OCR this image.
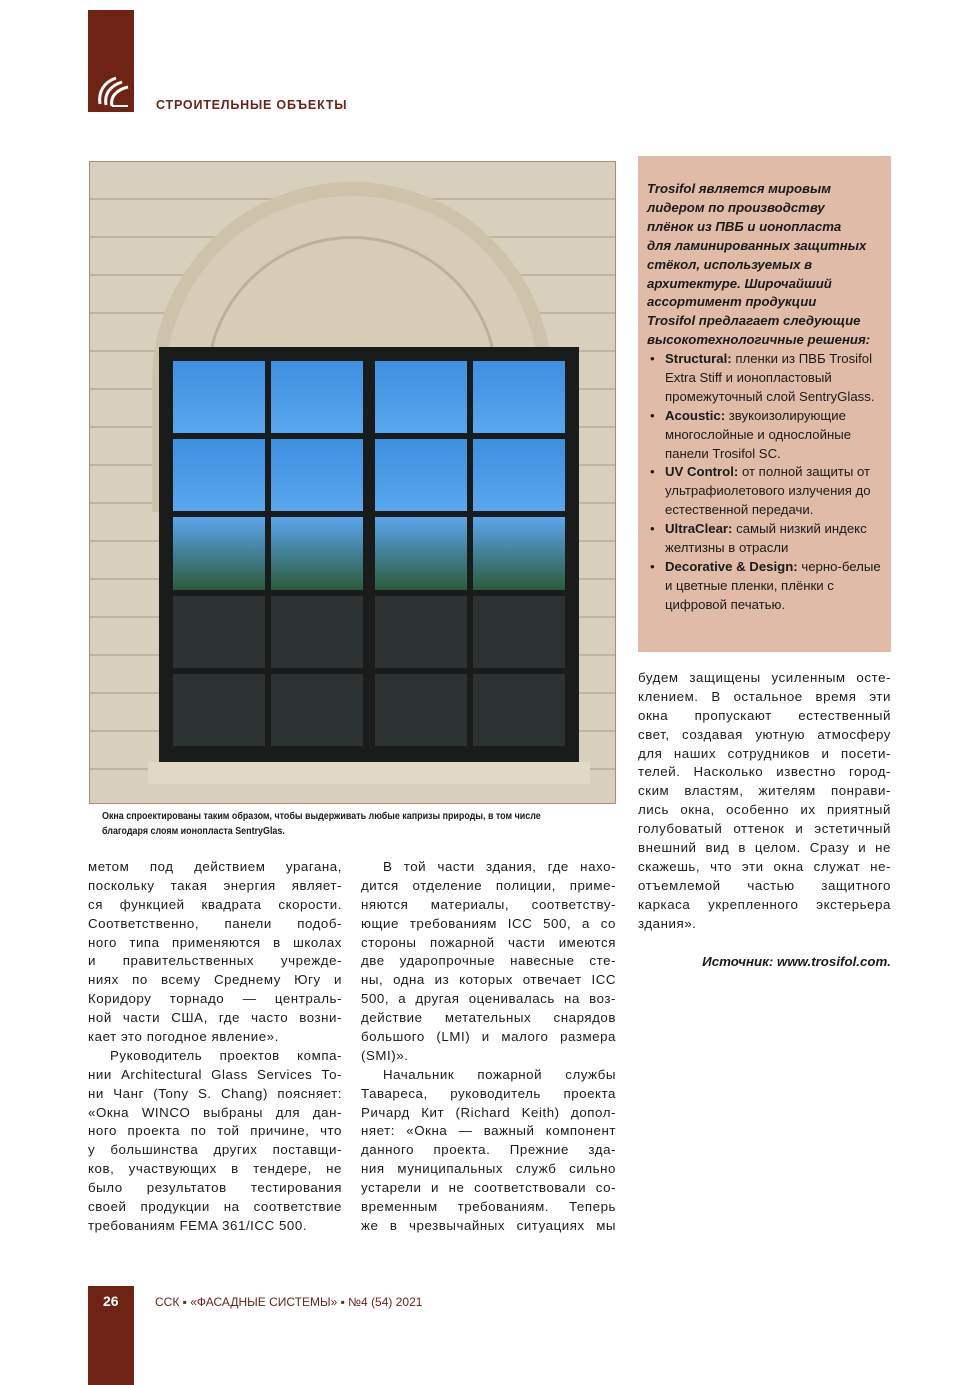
СТРОИТЕЛЬНЫЕ ОБЪЕКТЫ
Окна спроектированы таким образом, чтобы выдерживать любые капризы природы, в том числе
благодаря слоям ионопласта SentryGlas.
Trosifol является мировым
лидером по производству
плёнок из ПВБ и ионопласта
для ламинированных защитных
стёкол, используемых в
архитектуре. Широчайший
ассортимент продукции
Trosifol предлагает следующие
высокотехнологичные решения:
• Structural: пленки из ПВБ Trosifol Extra Stiff и ионопластовый промежуточный слой SentryGlass.
• Acoustic: звукоизолирующие многослойные и однослойные панели Trosifol SC.
• UV Control: от полной защиты от ультрафиолетового излучения до естественной передачи.
• UltraClear: самый низкий индекс желтизны в отрасли
• Decorative & Design: черно-белые и цветные пленки, плёнки с цифровой печатью.
метом под действием урагана,
поскольку такая энергия являет-
ся функцией квадрата скорости.
Соответственно, панели подоб-
ного типа применяются в школах
и правительственных учрежде-
ниях по всему Среднему Югу и
Коридору торнадо — централь-
ной части США, где часто возни-
кает это погодное явление».
Руководитель проектов компа-
нии Architectural Glass Services То-
ни Чанг (Tony S. Chang) поясняет:
«Окна WINCO выбраны для дан-
ного проекта по той причине, что
у большинства других поставщи-
ков, участвующих в тендере, не
было результатов тестирования
своей продукции на соответствие
требованиям FEMA 361/ICC 500.
В той части здания, где нахо-
дится отделение полиции, приме-
няются материалы, соответству-
ющие требованиям ICC 500, а со
стороны пожарной части имеются
две ударопрочные навесные сте-
ны, одна из которых отвечает ICC
500, а другая оценивалась на воз-
действие метательных снарядов
большого (LMI) и малого размера
(SMI)».
Начальник пожарной службы
Тавареса, руководитель проекта
Ричард Кит (Richard Keith) допол-
няет: «Окна — важный компонент
данного проекта. Прежние зда-
ния муниципальных служб сильно
устарели и не соответствовали со-
временным требованиям. Теперь
же в чрезвычайных ситуациях мы
будем защищены усиленным осте-
клением. В остальное время эти
окна пропускают естественный
свет, создавая уютную атмосферу
для наших сотрудников и посети-
телей. Насколько известно город-
ским властям, жителям понрави-
лись окна, особенно их приятный
голубоватый оттенок и эстетичный
внешний вид в целом. Сразу и не
скажешь, что эти окна служат не-
отъемлемой частью защитного
каркаса укрепленного экстерьера
здания».
Источник: www.trosifol.com.
26	ССК ▪ «ФАСАДНЫЕ СИСТЕМЫ» ▪ №4 (54) 2021
